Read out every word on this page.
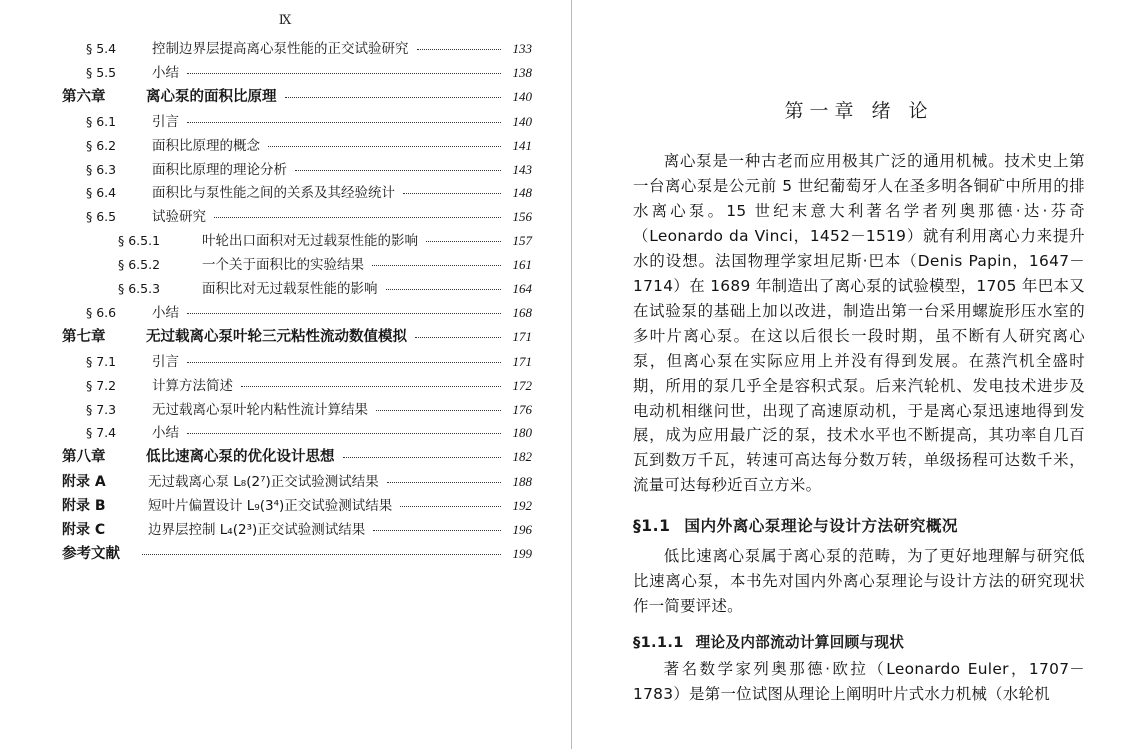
Ⅸ
§ 5.4	控制边界层提高离心泵性能的正交试验研究	133
§ 5.5	小结	138
第六章	离心泵的面积比原理	140
§ 6.1	引言	140
§ 6.2	面积比原理的概念	141
§ 6.3	面积比原理的理论分析	143
§ 6.4	面积比与泵性能之间的关系及其经验统计	148
§ 6.5	试验研究	156
§ 6.5.1	叶轮出口面积对无过载泵性能的影响	157
§ 6.5.2	一个关于面积比的实验结果	161
§ 6.5.3	面积比对无过载泵性能的影响	164
§ 6.6	小结	168
第七章	无过载离心泵叶轮三元粘性流动数值模拟	171
§ 7.1	引言	171
§ 7.2	计算方法简述	172
§ 7.3	无过载离心泵叶轮内粘性流计算结果	176
§ 7.4	小结	180
第八章	低比速离心泵的优化设计思想	182
附录 A	无过载离心泵 L₈(2⁷)正交试验测试结果	188
附录 B	短叶片偏置设计 L₉(3⁴)正交试验测试结果	192
附录 C	边界层控制 L₄(2³)正交试验测试结果	196
参考文献	199
第一章 绪 论

离心泵是一种古老而应用极其广泛的通用机械。技术史上第一台离心泵是公元前 5 世纪葡萄牙人在圣多明各铜矿中所用的排水离心泵。15 世纪末意大利著名学者列奥那德·达·芬奇（Leonardo da Vinci，1452－1519）就有利用离心力来提升水的设想。法国物理学家坦尼斯·巴本（Denis Papin，1647－1714）在 1689 年制造出了离心泵的试验模型，1705 年巴本又在试验泵的基础上加以改进，制造出第一台采用螺旋形压水室的多叶片离心泵。在这以后很长一段时期，虽不断有人研究离心泵，但离心泵在实际应用上并没有得到发展。在蒸汽机全盛时期，所用的泵几乎全是容积式泵。后来汽轮机、发电技术进步及电动机相继问世，出现了高速原动机，于是离心泵迅速地得到发展，成为应用最广泛的泵，技术水平也不断提高，其功率自几百瓦到数万千瓦，转速可高达每分数万转，单级扬程可达数千米，流量可达每秒近百立方米。

§1.1 国内外离心泵理论与设计方法研究概况

低比速离心泵属于离心泵的范畴，为了更好地理解与研究低比速离心泵，本书先对国内外离心泵理论与设计方法的研究现状作一简要评述。

§1.1.1 理论及内部流动计算回顾与现状

著名数学家列奥那德·欧拉（Leonardo Euler，1707－1783）是第一位试图从理论上阐明叶片式水力机械（水轮机
